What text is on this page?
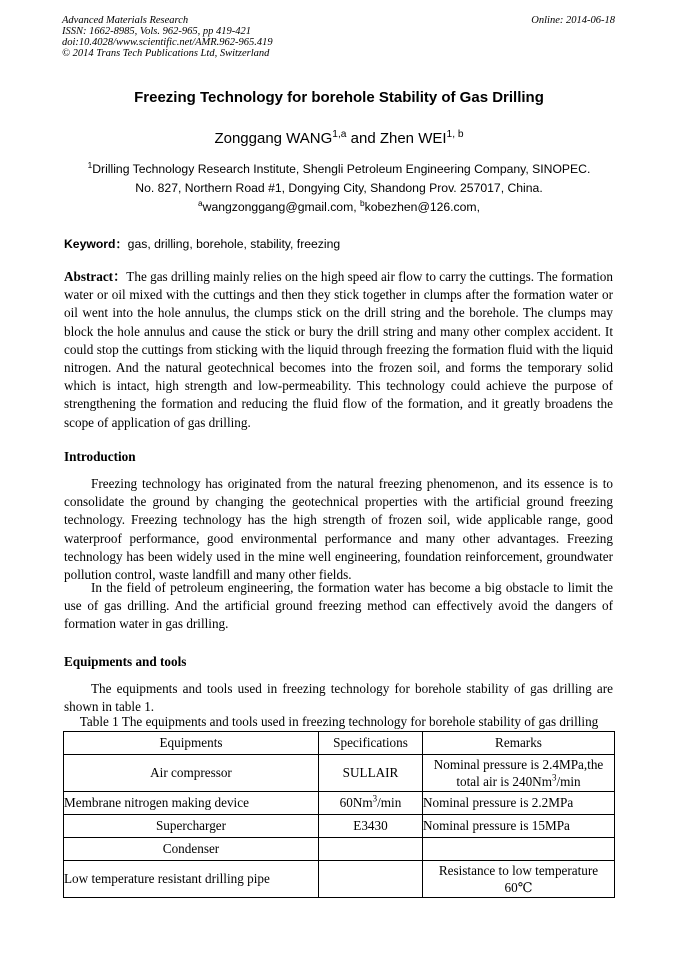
Advanced Materials Research
ISSN: 1662-8985, Vols. 962-965, pp 419-421
doi:10.4028/www.scientific.net/AMR.962-965.419
© 2014 Trans Tech Publications Ltd, Switzerland
Online: 2014-06-18
Freezing Technology for borehole Stability of Gas Drilling
Zonggang WANG$^{1,a}$ and Zhen WEI$^{1, b}$
$^1$Drilling Technology Research Institute, Shengli Petroleum Engineering Company, SINOPEC.
No. 827, Northern Road #1, Dongying City, Shandong Prov. 257017, China.
$^a$wangzonggang@gmail.com, $^b$kobezhen@126.com,
Keyword：gas, drilling, borehole, stability, freezing

Abstract：The gas drilling mainly relies on the high speed air flow to carry the cuttings. The formation water or oil mixed with the cuttings and then they stick together in clumps after the formation water or oil went into the hole annulus, the clumps stick on the drill string and the borehole. The clumps may block the hole annulus and cause the stick or bury the drill string and many other complex accident. It could stop the cuttings from sticking with the liquid through freezing the formation fluid with the liquid nitrogen. And the natural geotechnical becomes into the frozen soil, and forms the temporary solid which is intact, high strength and low-permeability. This technology could achieve the purpose of strengthening the formation and reducing the fluid flow of the formation, and it greatly broadens the scope of application of gas drilling.

Introduction

Freezing technology has originated from the natural freezing phenomenon, and its essence is to consolidate the ground by changing the geotechnical properties with the artificial ground freezing technology. Freezing technology has the high strength of frozen soil, wide applicable range, good waterproof performance, good environmental performance and many other advantages. Freezing technology has been widely used in the mine well engineering, foundation reinforcement, groundwater pollution control, waste landfill and many other fields.

In the field of petroleum engineering, the formation water has become a big obstacle to limit the use of gas drilling. And the artificial ground freezing method can effectively avoid the dangers of formation water in gas drilling.

Equipments and tools

The equipments and tools used in freezing technology for borehole stability of gas drilling are shown in table 1.

Table 1 The equipments and tools used in freezing technology for borehole stability of gas drilling
Equipments	Specifications	Remarks
Air compressor	SULLAIR	Nominal pressure is 2.4MPa,the
total air is 240Nm$^3$/min

Membrane nitrogen making device	60Nm$^3$/min	Nominal pressure is 2.2MPa
Supercharger	E3430	Nominal pressure is 15MPa
Condenser		
Low temperature resistant drilling pipe		Resistance to low temperature
60℃
